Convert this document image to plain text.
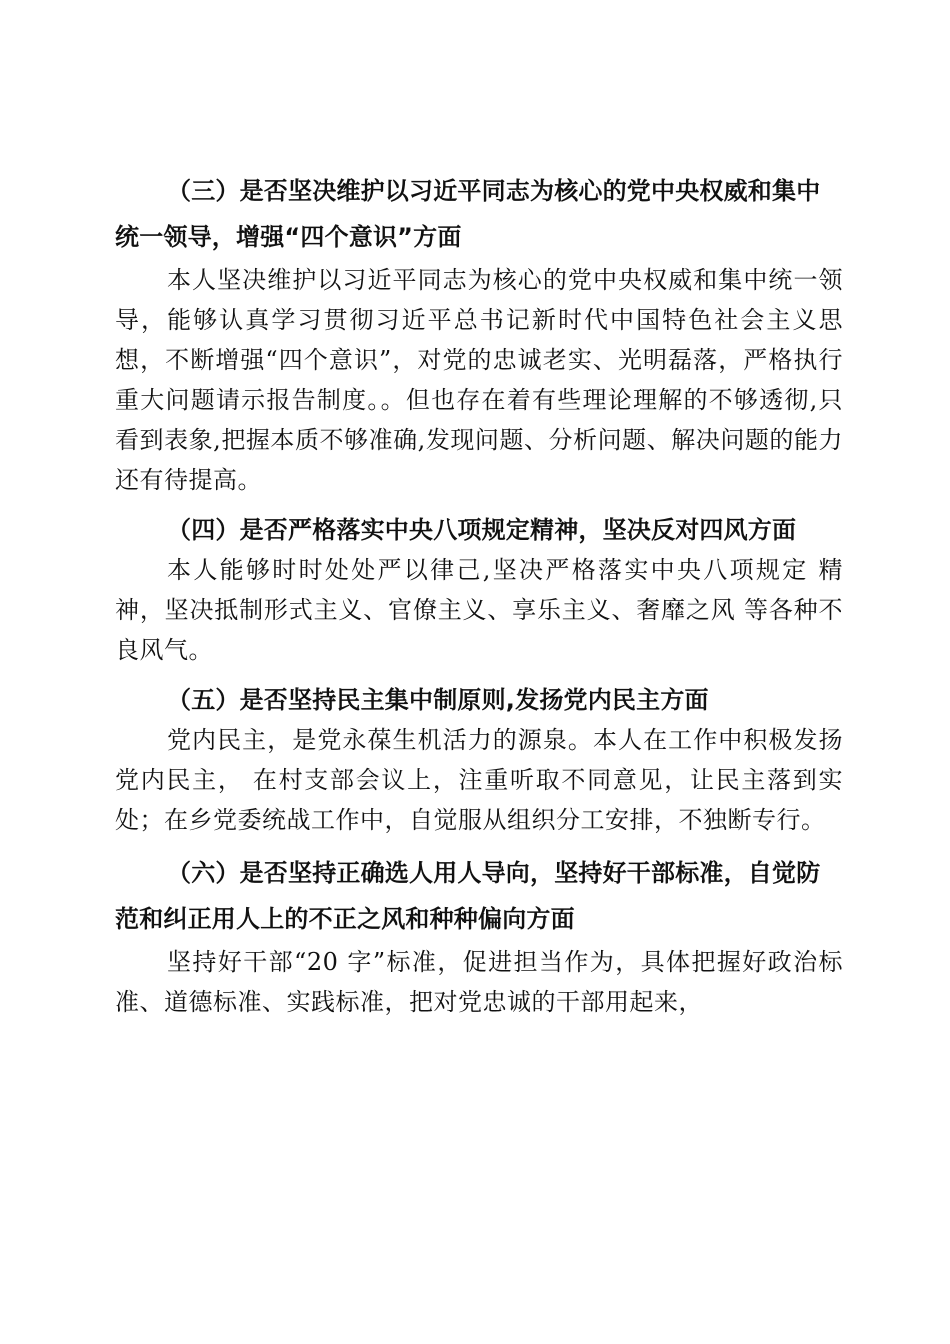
（三）是否坚决维护以习近平同志为核心的党中央权威和集中统一领导，增强“四个意识”方面

本人坚决维护以习近平同志为核心的党中央权威和集中统一领导，能够认真学习贯彻习近平总书记新时代中国特色社会主义思想，不断增强“四个意识”，对党的忠诚老实、光明磊落，严格执行重大问题请示报告制度。。但也存在着有些理论理解的不够透彻,只看到表象,把握本质不够准确,发现问题、分析问题、解决问题的能力还有待提高。

（四）是否严格落实中央八项规定精神，坚决反对四风方面

本人能够时时处处严以律己,坚决严格落实中央八项规定 精神，坚决抵制形式主义、官僚主义、享乐主义、奢靡之风 等各种不良风气。

（五）是否坚持民主集中制原则,发扬党内民主方面

党内民主，是党永葆生机活力的源泉。本人在工作中积极发扬党内民主， 在村支部会议上，注重听取不同意见，让民主落到实处；在乡党委统战工作中，自觉服从组织分工安排，不独断专行。

（六）是否坚持正确选人用人导向，坚持好干部标准，自觉防范和纠正用人上的不正之风和种种偏向方面

坚持好干部“20 字”标准，促进担当作为，具体把握好政治标准、道德标准、实践标准，把对党忠诚的干部用起来，
